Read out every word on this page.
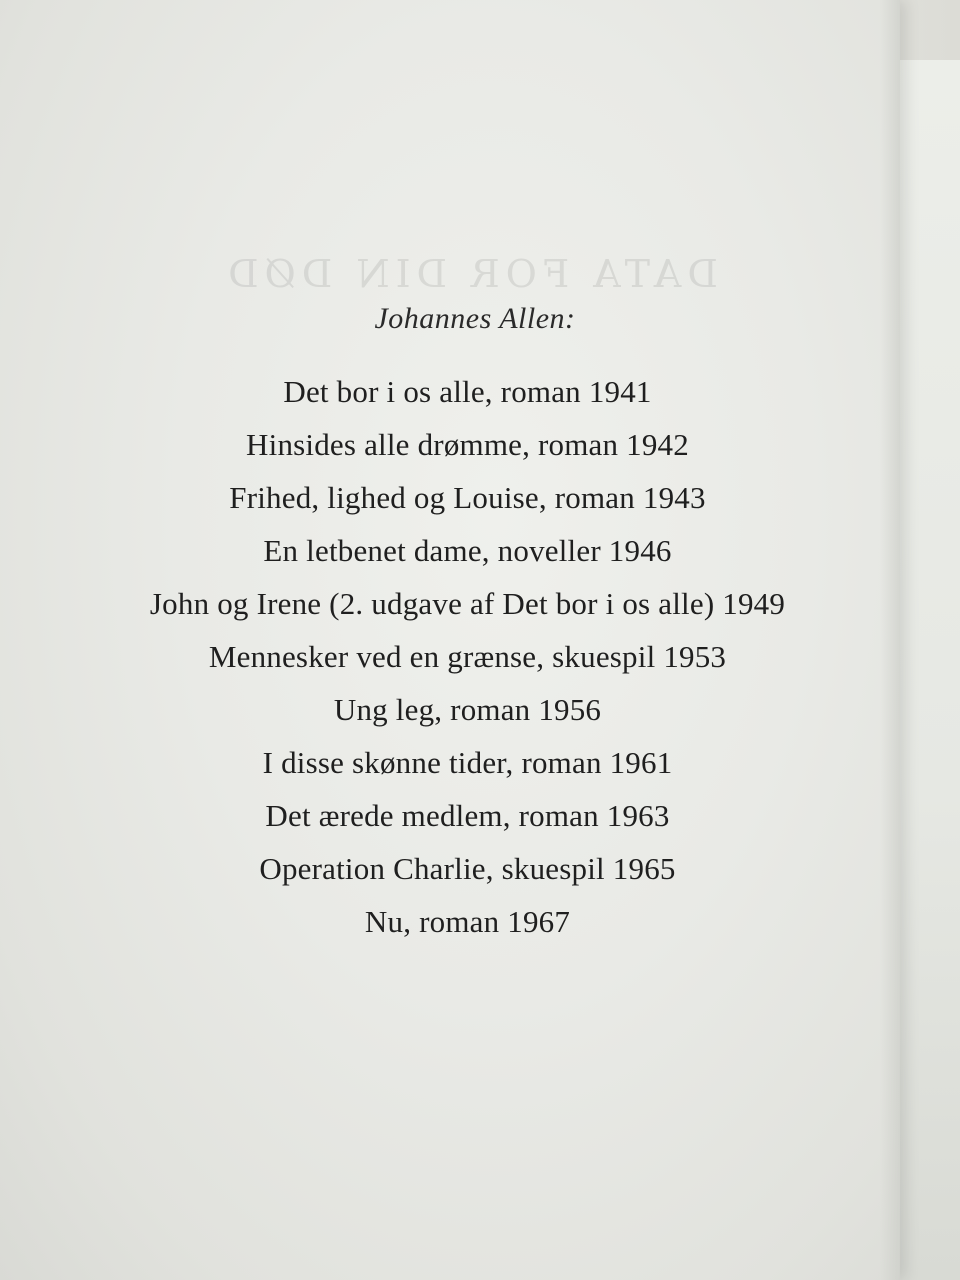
DATA FOR DIN DØD
Johannes Allen:
Det bor i os alle, roman 1941
Hinsides alle drømme, roman 1942
Frihed, lighed og Louise, roman 1943
En letbenet dame, noveller 1946
John og Irene (2. udgave af Det bor i os alle) 1949
Mennesker ved en grænse, skuespil 1953
Ung leg, roman 1956
I disse skønne tider, roman 1961
Det ærede medlem, roman 1963
Operation Charlie, skuespil 1965
Nu, roman 1967
